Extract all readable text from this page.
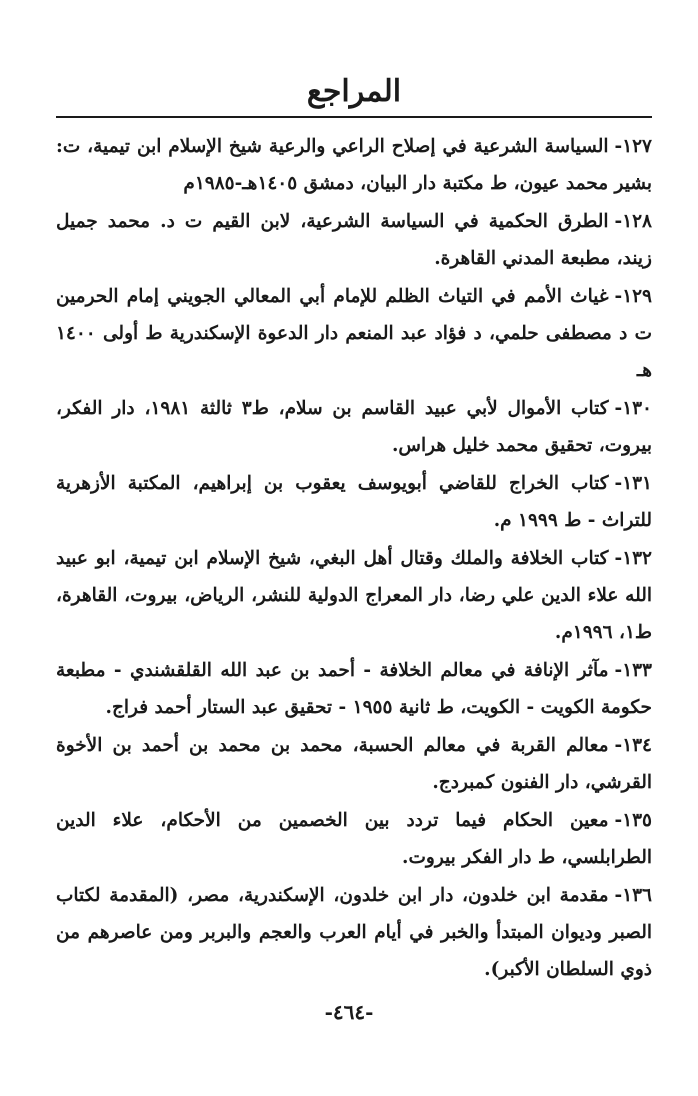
المراجع
١٢٧-السياسة الشرعية في إصلاح الراعي والرعية شيخ الإسلام ابن تيمية، ت: بشير محمد عيون، ط مكتبة دار البيان، دمشق ١٤٠٥هـ-١٩٨٥م
١٢٨-الطرق الحكمية في السياسة الشرعية، لابن القيم ت د. محمد جميل زيند، مطبعة المدني القاهرة.
١٢٩-غياث الأمم في التياث الظلم للإمام أبي المعالي الجويني إمام الحرمين ت د مصطفى حلمي، د فؤاد عبد المنعم دار الدعوة الإسكندرية ط أولى ١٤٠٠ هـ
١٣٠-كتاب الأموال لأبي عبيد القاسم بن سلام، ط٣ ثالثة ١٩٨١، دار الفكر، بيروت، تحقيق محمد خليل هراس.
١٣١-كتاب الخراج للقاضي أبويوسف يعقوب بن إبراهيم، المكتبة الأزهرية للتراث - ط ١٩٩٩ م.
١٣٢-كتاب الخلافة والملك وقتال أهل البغي، شيخ الإسلام ابن تيمية، ابو عبيد الله علاء الدين علي رضا، دار المعراج الدولية للنشر، الرياض، بيروت، القاهرة، ط١، ١٩٩٦م.
١٣٣-مآثر الإنافة في معالم الخلافة - أحمد بن عبد الله القلقشندي - مطبعة حكومة الكويت - الكويت، ط ثانية ١٩٥٥ - تحقيق عبد الستار أحمد فراج.
١٣٤-معالم القربة في معالم الحسبة، محمد بن محمد بن أحمد بن الأخوة القرشي، دار الفنون كمبردج.
١٣٥-معين الحكام فيما تردد بين الخصمين من الأحكام، علاء الدين الطرابلسي، ط دار الفكر بيروت.
١٣٦-مقدمة ابن خلدون، دار ابن خلدون، الإسكندرية، مصر، (المقدمة لكتاب الصبر وديوان المبتدأ والخبر في أيام العرب والعجم والبربر ومن عاصرهم من ذوي السلطان الأكبر).
-٤٦٤-
